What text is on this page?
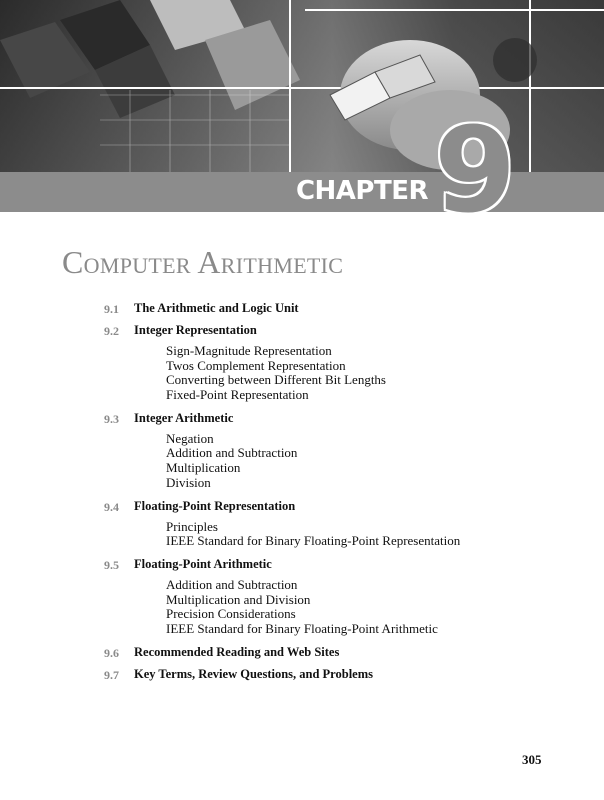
CHAPTER 9
Computer Arithmetic
9.1 The Arithmetic and Logic Unit
9.2 Integer Representation
Sign-Magnitude Representation
Twos Complement Representation
Converting between Different Bit Lengths
Fixed-Point Representation
9.3 Integer Arithmetic
Negation
Addition and Subtraction
Multiplication
Division
9.4 Floating-Point Representation
Principles
IEEE Standard for Binary Floating-Point Representation
9.5 Floating-Point Arithmetic
Addition and Subtraction
Multiplication and Division
Precision Considerations
IEEE Standard for Binary Floating-Point Arithmetic
9.6 Recommended Reading and Web Sites
9.7 Key Terms, Review Questions, and Problems
305
